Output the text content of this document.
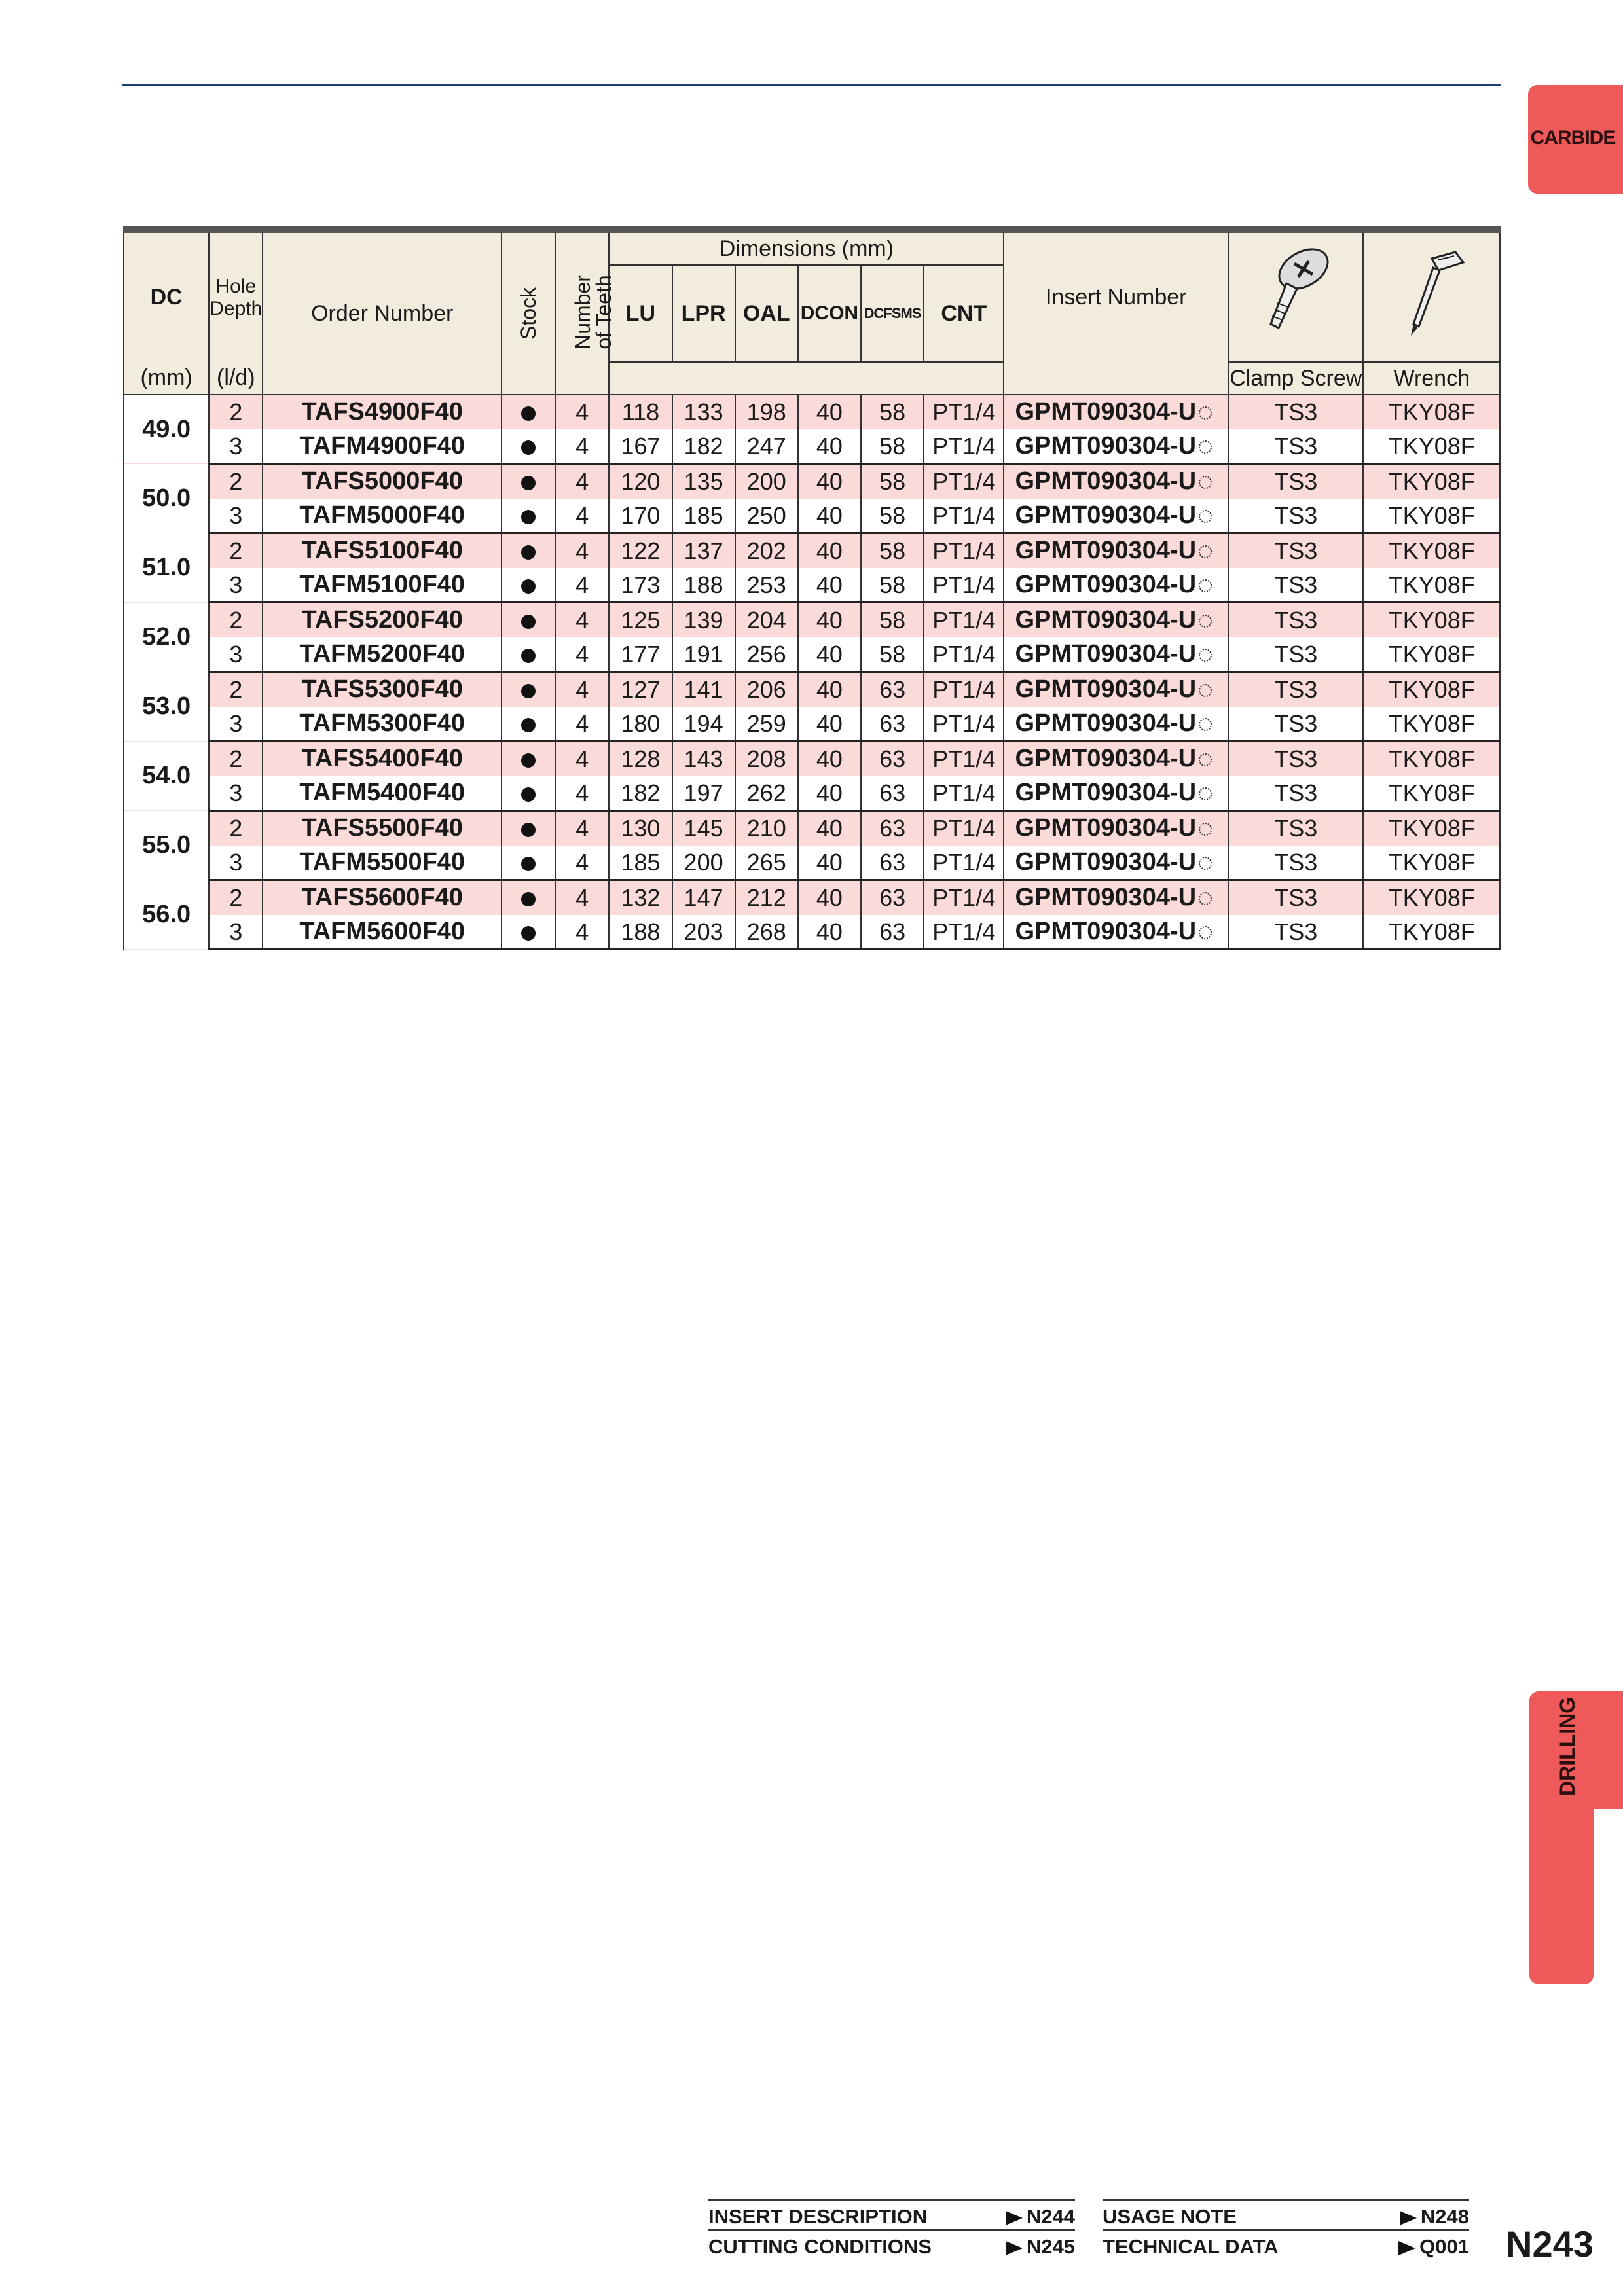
CARBIDE
DRILLING
DC	Hole Depth	Order Number	Stock	Number
of Teeth	Dimensions (mm)						Insert Number		
					LU	LPR	OAL	DCON	DCFSMS	CNT			
(mm)	(l/d)											Clamp Screw	Wrench
49.0	2	TAFS4900F40		4	118	133	198	40	58	PT1/4	GPMT090304-U	TS3	TKY08F
	3	TAFM4900F40		4	167	182	247	40	58	PT1/4	GPMT090304-U	TS3	TKY08F
50.0	2	TAFS5000F40		4	120	135	200	40	58	PT1/4	GPMT090304-U	TS3	TKY08F
	3	TAFM5000F40		4	170	185	250	40	58	PT1/4	GPMT090304-U	TS3	TKY08F
51.0	2	TAFS5100F40		4	122	137	202	40	58	PT1/4	GPMT090304-U	TS3	TKY08F
	3	TAFM5100F40		4	173	188	253	40	58	PT1/4	GPMT090304-U	TS3	TKY08F
52.0	2	TAFS5200F40		4	125	139	204	40	58	PT1/4	GPMT090304-U	TS3	TKY08F
	3	TAFM5200F40		4	177	191	256	40	58	PT1/4	GPMT090304-U	TS3	TKY08F
53.0	2	TAFS5300F40		4	127	141	206	40	63	PT1/4	GPMT090304-U	TS3	TKY08F
	3	TAFM5300F40		4	180	194	259	40	63	PT1/4	GPMT090304-U	TS3	TKY08F
54.0	2	TAFS5400F40		4	128	143	208	40	63	PT1/4	GPMT090304-U	TS3	TKY08F
	3	TAFM5400F40		4	182	197	262	40	63	PT1/4	GPMT090304-U	TS3	TKY08F
55.0	2	TAFS5500F40		4	130	145	210	40	63	PT1/4	GPMT090304-U	TS3	TKY08F
	3	TAFM5500F40		4	185	200	265	40	63	PT1/4	GPMT090304-U	TS3	TKY08F
56.0	2	TAFS5600F40		4	132	147	212	40	63	PT1/4	GPMT090304-U	TS3	TKY08F
	3	TAFM5600F40		4	188	203	268	40	63	PT1/4	GPMT090304-U	TS3	TKY08F
INSERT DESCRIPTION	N244
CUTTING CONDITIONS	N245
USAGE NOTE	N248
TECHNICAL DATA	Q001 N243
